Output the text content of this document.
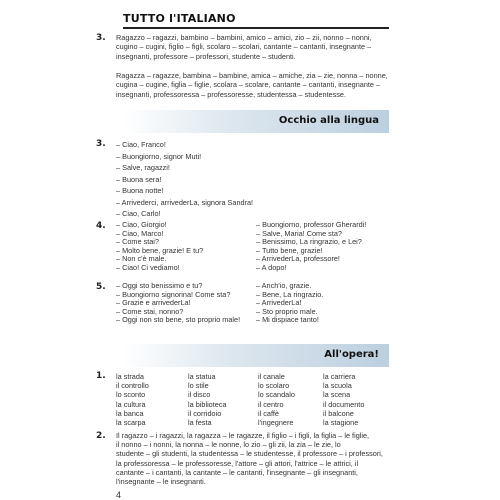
TUTTO l'ITALIANO
3. Ragazzo – ragazzi, bambino – bambini, amico – amici, zio – zii, nonno – nonni, cugino – cugini, figlio – figli, scolaro – scolari, cantante – cantanti, insegnante – insegnanti, professore – professori, studente – studenti.
Ragazza – ragazze, bambina – bambine, amica – amiche, zia – zie, nonna – nonne, cugina – cugine, figlia – figlie, scolara – scolare, cantante – cantanti, insegnante – insegnanti, professoressa – professoresse, studentessa – studentesse.
Occhio alla lingua
3. – Ciao, Franco!
– Buongiorno, signor Muti!
– Salve, ragazzi!
– Buona sera!
– Buona notte!
– Arrivederci, arrivederLa, signora Sandra!
– Ciao, Carlo!
4. – Ciao, Giorgio!
– Ciao, Marco!
– Come stai?
– Molto bene, grazie! E tu?
– Non c'è male.
– Ciao! Ci vediamo!
– Buongiorno, professor Gherardi!
– Salve, Maria! Come sta?
– Benissimo, La ringrazio, e Lei?
– Tutto bene, grazie!
– ArrivederLa, professore!
– A dopo!
5. – Oggi sto benissimo e tu?
– Buongiorno signorina! Come sta?
– Grazie e arrivederLa!
– Come stai, nonno?
– Oggi non sto bene, sto proprio male!
– Anch'io, grazie.
– Bene, La ringrazio.
– ArrivederLa!
– Sto proprio male.
– Mi dispiace tanto!
All'opera!
1. la strada
il controllo
lo sconto
la cultura
la banca
la scarpa
la statua
lo stile
il disco
la biblioteca
il corridoio
la festa
il canale
lo scolaro
lo scandalo
il centro
il caffè
l'ingegnere
la carriera
la scuola
la scena
il documento
il balcone
la stagione
2. Il ragazzo – i ragazzi, la ragazza – le ragazze, il figlio – i figli, la figlia – le figlie,
il nonno – i nonni, la nonna – le nonne, lo zio – gli zii, la zia – le zie, lo
studente – gli studenti, la studentessa – le studentesse, il professore – i professori,
la professoressa – le professoresse, l'attore – gli attori, l'attrice – le attrici, il
cantante – i cantanti, la cantante – le cantanti, l'insegnante – gli insegnanti,
l'insegnante – le insegnanti.
4
